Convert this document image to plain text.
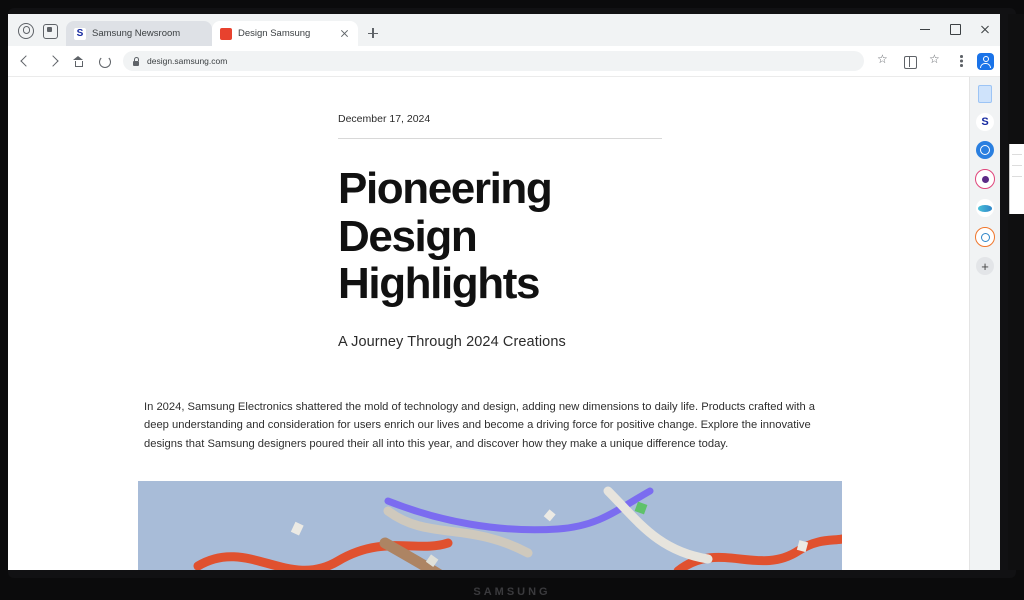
SAMSUNG
S Samsung Newsroom	Design Samsung
design.samsung.com	☆	☆
December 17, 2024
Pioneering
Design
Highlights
A Journey Through 2024 Creations

In 2024, Samsung Electronics shattered the mold of technology and design, adding new dimensions to daily life. Products crafted with a deep understanding and consideration for users enrich our lives and become a driving force for positive change. Explore the innovative designs that Samsung designers poured their all into this year, and discover how they make a unique difference today.

S
+
